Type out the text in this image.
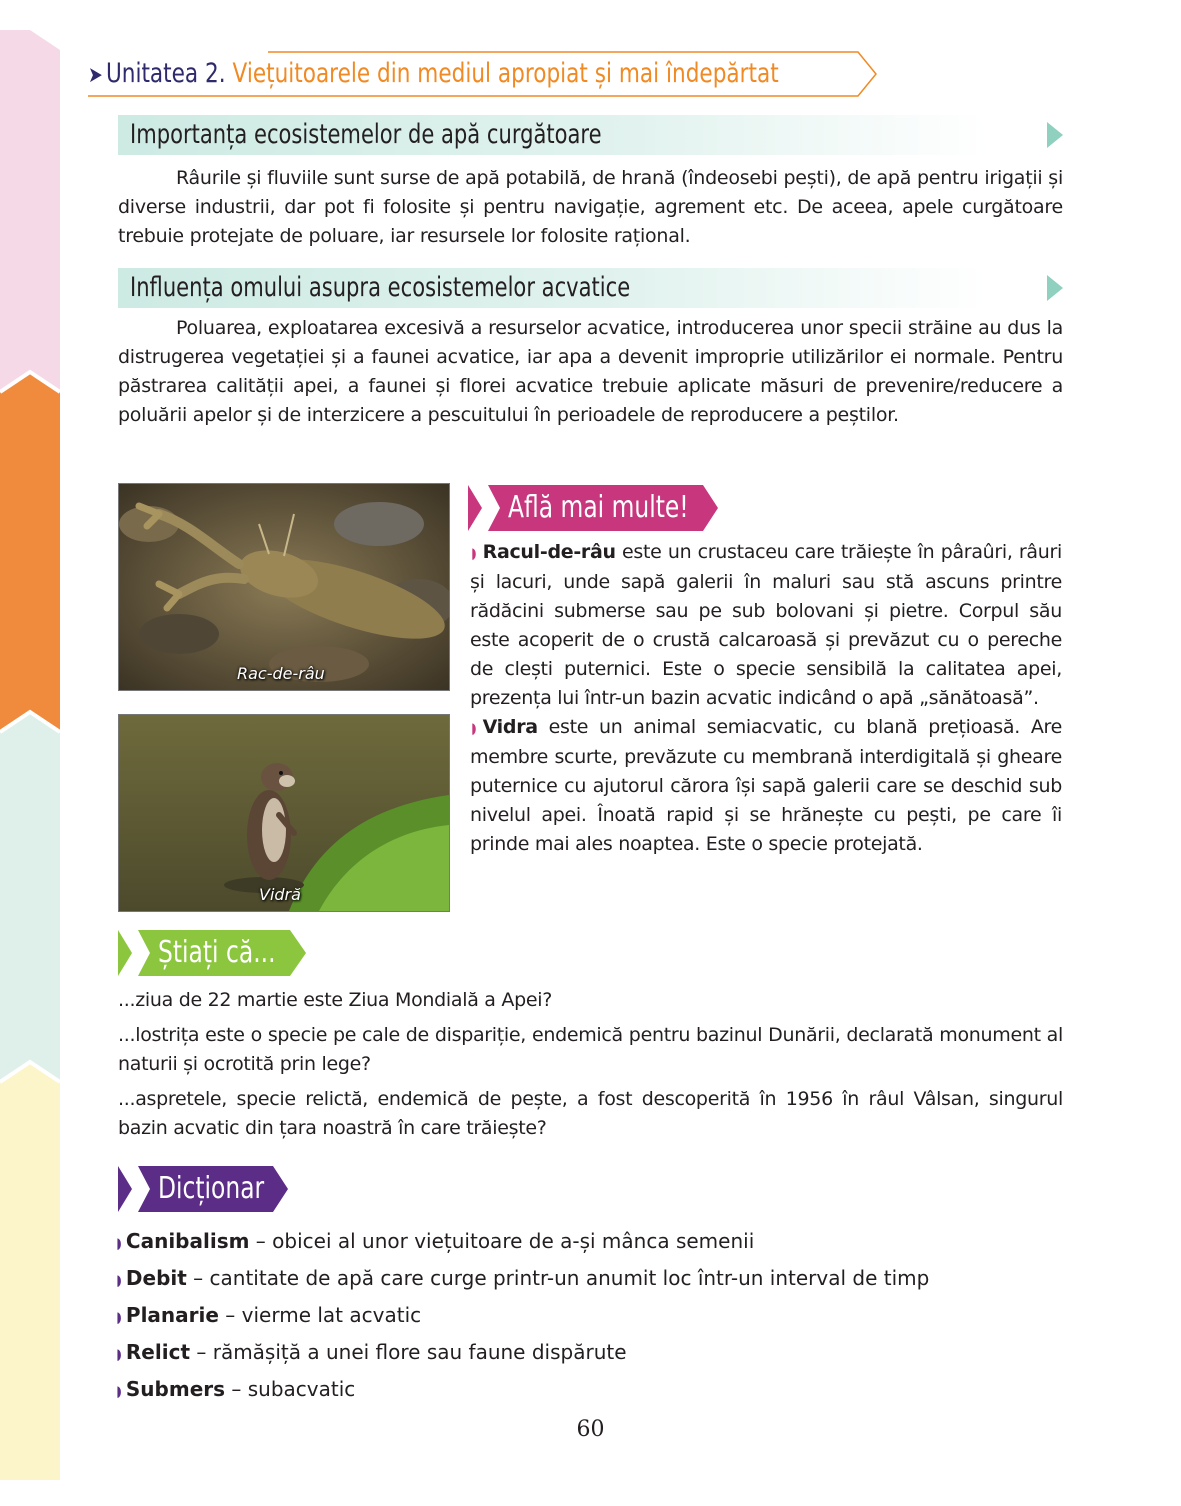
➤ Unitatea 2. Viețuitoarele din mediul apropiat și mai îndepărtat
Importanța ecosistemelor de apă curgătoare

Râurile și fluviile sunt surse de apă potabilă, de hrană (îndeosebi pești), de apă pentru irigații și diverse industrii, dar pot fi folosite și pentru navigație, agrement etc. De aceea, apele curgătoare trebuie protejate de poluare, iar resursele lor folosite rațional.

Influența omului asupra ecosistemelor acvatice

Poluarea, exploatarea excesivă a resurselor acvatice, introducerea unor specii străine au dus la distrugerea vegetației și a faunei acvatice, iar apa a devenit improprie utilizărilor ei normale. Pentru păstrarea calității apei, a faunei și florei acvatice trebuie aplicate măsuri de prevenire/reducere a poluării apelor și de interzicere a pescuitului în perioadele de reproducere a peștilor.

Rac-de-râu
Vidră
Află mai multe!

◗ Racul-de-râu este un crustaceu care trăiește în pâraûri, râuri și lacuri, unde sapă galerii în maluri sau stă ascuns printre rădăcini submerse sau pe sub bolovani și pietre. Corpul său este acoperit de o crustă calcaroasă și prevăzut cu o pereche de clești puternici. Este o specie sensibilă la calitatea apei, prezența lui într-un bazin acvatic indicând o apă „sănătoasă”.

◗ Vidra este un animal semiacvatic, cu blană prețioasă. Are membre scurte, prevăzute cu membrană interdigitală și gheare puternice cu ajutorul cărora își sapă galerii care se deschid sub nivelul apei. Înoată rapid și se hrănește cu pești, pe care îi prinde mai ales noaptea. Este o specie protejată.

Știați că...

...ziua de 22 martie este Ziua Mondială a Apei?

...lostrița este o specie pe cale de dispariție, endemică pentru bazinul Dunării, declarată monument al naturii și ocrotită prin lege?

...aspretele, specie relictă, endemică de pește, a fost descoperită în 1956 în râul Vâlsan, singurul bazin acvatic din țara noastră în care trăiește?

Dicționar
◗ Canibalism – obicei al unor viețuitoare de a-și mânca semenii
◗ Debit – cantitate de apă care curge printr-un anumit loc într-un interval de timp
◗ Planarie – vierme lat acvatic
◗ Relict – rămășiță a unei flore sau faune dispărute
◗ Submers – subacvatic
60
